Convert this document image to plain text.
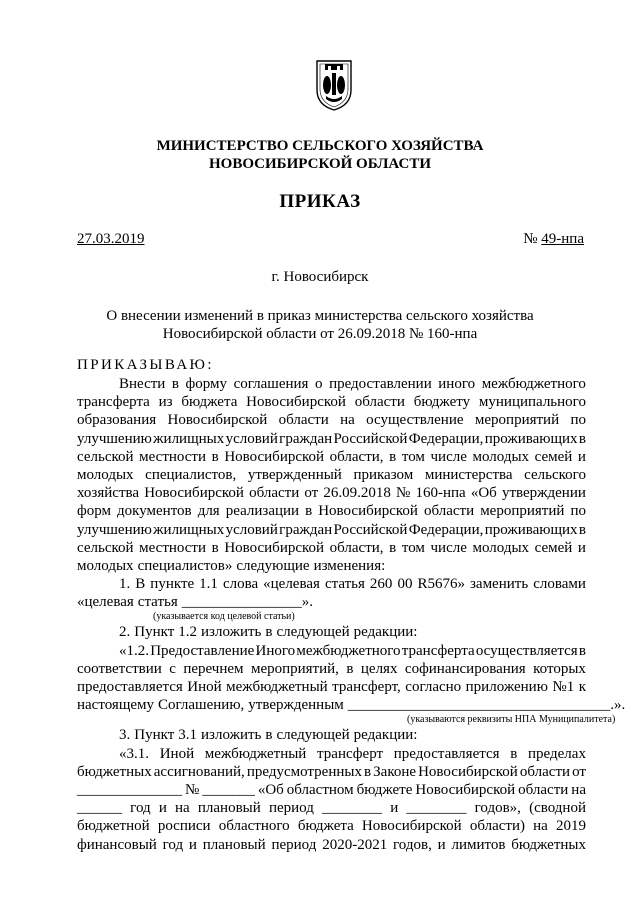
МИНИСТЕРСТВО СЕЛЬСКОГО ХОЗЯЙСТВА
НОВОСИБИРСКОЙ ОБЛАСТИ
ПРИКАЗ
27.03.2019	№ 49-нпа
г. Новосибирск
О внесении изменений в приказ министерства сельского хозяйства
Новосибирской области от 26.09.2018 № 160-нпа
ПРИКАЗЫВАЮ:
Внести в форму соглашения о предоставлении иного межбюджетного
трансферта из бюджета Новосибирской области бюджету муниципального
образования Новосибирской области на осуществление мероприятий по
улучшению жилищных условий граждан Российской Федерации, проживающих в
сельской местности в Новосибирской области, в том числе молодых семей и
молодых специалистов, утвержденный приказом министерства сельского
хозяйства Новосибирской области от 26.09.2018 № 160-нпа «Об утверждении
форм документов для реализации в Новосибирской области мероприятий по
улучшению жилищных условий граждан Российской Федерации, проживающих в
сельской местности в Новосибирской области, в том числе молодых семей и
молодых специалистов» следующие изменения:
1. В пункте 1.1 слова «целевая статья 260 00 R5676» заменить словами
«целевая статья ________________».
(указывается код целевой статьи)
2. Пункт 1.2 изложить в следующей редакции:
«1.2. Предоставление Иного межбюджетного трансферта осуществляется в
соответствии с перечнем мероприятий, в целях софинансирования которых
предоставляется Иной межбюджетный трансферт, согласно приложению №1 к
настоящему Соглашению, утвержденным ___________________________________.».
(указываются реквизиты НПА Муниципалитета)
3. Пункт 3.1 изложить в следующей редакции:
«3.1. Иной межбюджетный трансферт предоставляется в пределах
бюджетных ассигнований, предусмотренных в Законе Новосибирской области от
______________ № _______ «Об областном бюджете Новосибирской области на
______ год и на плановый период ________ и ________ годов», (сводной
бюджетной росписи областного бюджета Новосибирской области) на 2019
финансовый год и плановый период 2020-2021 годов, и лимитов бюджетных
